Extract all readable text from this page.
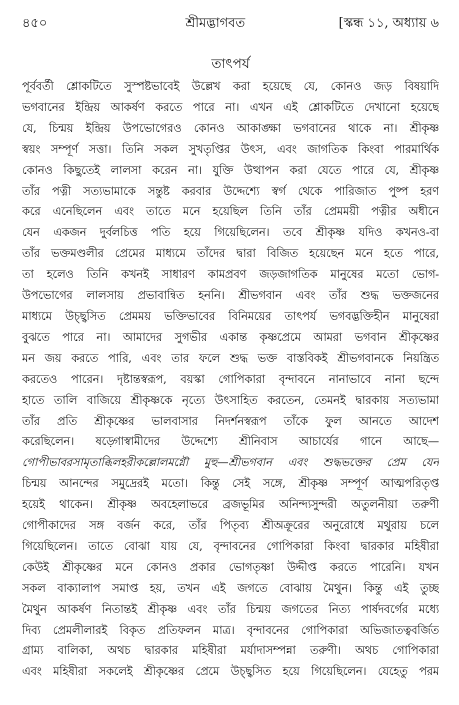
৪৫০	শ্রীমদ্ভাগবত	[স্কন্ধ ১১, অধ্যায় ৬
তাৎপর্য
পূর্ববর্তী শ্লোকটিতে সুস্পষ্টভাবেই উল্লেখ করা হয়েছে যে, কোনও জড় বিষয়াদি
ভগবানের ইন্দ্রিয় আকর্ষণ করতে পারে না। এখন এই শ্লোকটিতে দেখানো হয়েছে
যে, চিন্ময় ইন্দ্রিয় উপভোগেরও কোনও আকাঙ্ক্ষা ভগবানের থাকে না। শ্রীকৃষ্ণ
স্বয়ং সম্পূর্ণ সত্তা। তিনি সকল সুখতৃপ্তির উৎস, এবং জাগতিক কিংবা পারমার্থিক
কোনও কিছুতেই লালসা করেন না। যুক্তি উত্থাপন করা যেতে পারে যে, শ্রীকৃষ্ণ
তাঁর পত্নী সত্যভামাকে সন্তুষ্ট করবার উদ্দেশ্যে স্বর্গ থেকে পারিজাত পুষ্প হরণ
করে এনেছিলেন এবং তাতে মনে হয়েছিল তিনি তাঁর প্রেমময়ী পত্নীর অধীনে
যেন একজন দুর্বলচিত্ত পতি হয়ে গিয়েছিলেন। তবে শ্রীকৃষ্ণ যদিও কখনও-বা
তাঁর ভক্তমণ্ডলীর প্রেমের মাধ্যমে তাঁদের দ্বারা বিজিত হয়েছেন মনে হতে পারে,
তা হলেও তিনি কখনই সাধারণ কামপ্রবণ জড়জাগতিক মানুষের মতো ভোগ-
উপভোগের লালসায় প্রভাবান্বিত হননি। শ্রীভগবান এবং তাঁর শুদ্ধ ভক্তজনের
মাধ্যমে উচ্ছ্বসিত প্রেমময় ভক্তিভাবের বিনিময়ের তাৎপর্য ভগবদ্ভক্তিহীন মানুষেরা
বুঝতে পারে না। আমাদের সুগভীর একান্ত কৃষ্ণপ্রেমে আমরা ভগবান শ্রীকৃষ্ণের
মন জয় করতে পারি, এবং তার ফলে শুদ্ধ ভক্ত বাস্তবিকই শ্রীভগবানকে নিয়ন্ত্রিত
করতেও পারেন। দৃষ্টান্তস্বরূপ, বয়স্কা গোপিকারা বৃন্দাবনে নানাভাবে নানা ছন্দে
হাতে তালি বাজিয়ে শ্রীকৃষ্ণকে নৃত্যে উৎসাহিত করতেন, তেমনই দ্বারকায় সত্যভামা
তাঁর প্রতি শ্রীকৃষ্ণের ভালবাসার নিদর্শনস্বরূপ তাঁকে ফুল আনতে আদেশ
করেছিলেন। ষড়্গোস্বামীদের উদ্দেশ্যে শ্রীনিবাস আচার্যের গানে আছে—
গোপীভাবরসামৃতাব্ধিলহরীকল্লোলমগ্নৌ মুহু—শ্রীভগবান এবং শুদ্ধভক্তের প্রেম যেন
চিন্ময় আনন্দের সমুদ্রেরই মতো। কিন্তু সেই সঙ্গে, শ্রীকৃষ্ণ সম্পূর্ণ আত্মপরিতৃপ্ত
হয়েই থাকেন। শ্রীকৃষ্ণ অবহেলাভরে ব্রজভূমির অনিন্দ্যসুন্দরী অতুলনীয়া তরুণী
গোপীকাদের সঙ্গ বর্জন করে, তাঁর পিতৃব্য শ্রীঅক্রূরের অনুরোধে মথুরায় চলে
গিয়েছিলেন। তাতে বোঝা যায় যে, বৃন্দাবনের গোপিকারা কিংবা দ্বারকার মহিষীরা
কেউই শ্রীকৃষ্ণের মনে কোনও প্রকার ভোগতৃষ্ণা উদ্দীপ্ত করতে পারেনি। যখন
সকল বাক্যালাপ সমাপ্ত হয়, তখন এই জগতে বোঝায় মৈথুন। কিন্তু এই তুচ্ছ
মৈথুন আকর্ষণ নিতান্তই শ্রীকৃষ্ণ এবং তাঁর চিন্ময় জগতের নিত্য পার্ষদবর্গের মধ্যে
দিব্য প্রেমলীলারই বিকৃত প্রতিফলন মাত্র। বৃন্দাবনের গোপিকারা অভিজাতত্ববর্জিত
গ্রাম্য বালিকা, অথচ দ্বারকার মহিষীরা মর্যাদাসম্পন্না তরুণী। অথচ গোপিকারা
এবং মহিষীরা সকলেই শ্রীকৃষ্ণের প্রেমে উচ্ছ্বসিত হয়ে গিয়েছিলেন। যেহেতু পরম
